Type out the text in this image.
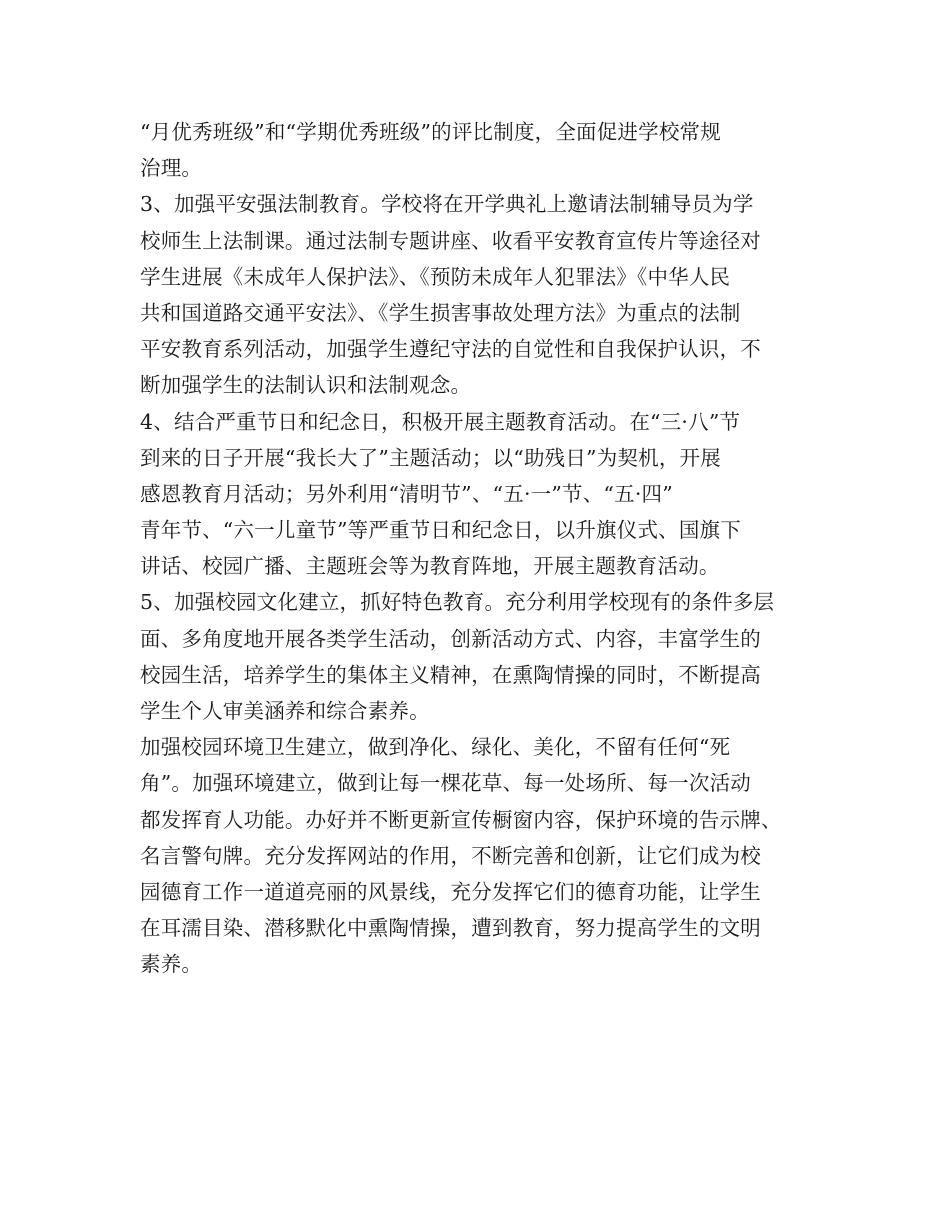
“月优秀班级”和“学期优秀班级”的评比制度，全面促进学校常规
治理。
3、加强平安强法制教育。学校将在开学典礼上邀请法制辅导员为学
校师生上法制课。通过法制专题讲座、收看平安教育宣传片等途径对
学生进展《未成年人保护法》、《预防未成年人犯罪法》《中华人民
共和国道路交通平安法》、《学生损害事故处理方法》为重点的法制
平安教育系列活动，加强学生遵纪守法的自觉性和自我保护认识，不
断加强学生的法制认识和法制观念。
4、结合严重节日和纪念日，积极开展主题教育活动。在“三·八”节
到来的日子开展“我长大了”主题活动；以“助残日”为契机，开展
感恩教育月活动；另外利用“清明节”、“五·一”节、“五·四”
青年节、“六一儿童节”等严重节日和纪念日，以升旗仪式、国旗下
讲话、校园广播、主题班会等为教育阵地，开展主题教育活动。
5、加强校园文化建立，抓好特色教育。充分利用学校现有的条件多层
面、多角度地开展各类学生活动，创新活动方式、内容，丰富学生的
校园生活，培养学生的集体主义精神，在熏陶情操的同时，不断提高
学生个人审美涵养和综合素养。
加强校园环境卫生建立，做到净化、绿化、美化，不留有任何“死
角”。加强环境建立，做到让每一棵花草、每一处场所、每一次活动
都发挥育人功能。办好并不断更新宣传橱窗内容，保护环境的告示牌、
名言警句牌。充分发挥网站的作用，不断完善和创新，让它们成为校
园德育工作一道道亮丽的风景线，充分发挥它们的德育功能，让学生
在耳濡目染、潜移默化中熏陶情操，遭到教育，努力提高学生的文明
素养。
